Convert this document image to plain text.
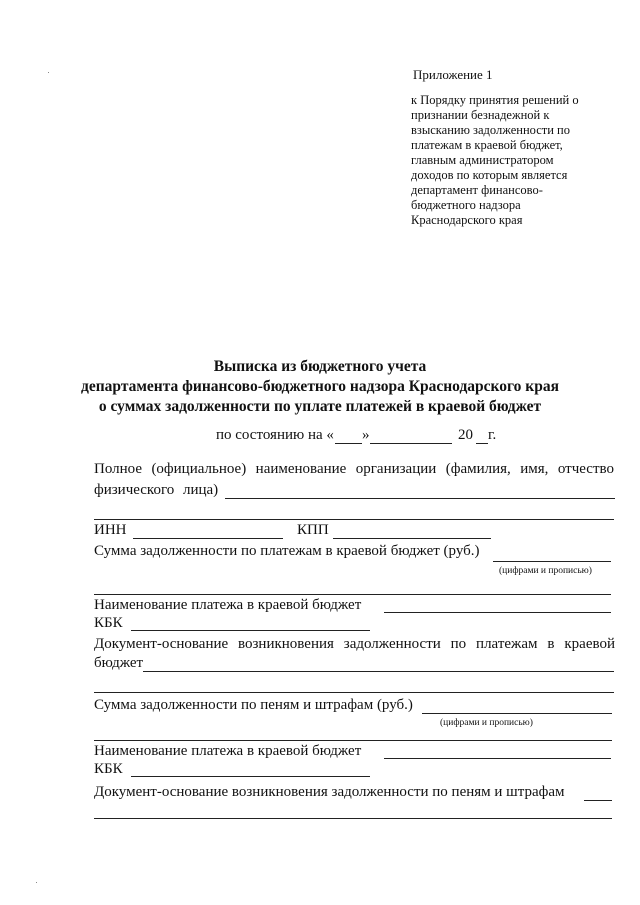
Приложение 1
к Порядку принятия решений о
признании безнадежной к
взысканию задолженности по
платежам в краевой бюджет,
главным администратором
доходов по которым является
департамент финансово-
бюджетного надзора
Краснодарского края
Выписка из бюджетного учета
департамента финансово-бюджетного надзора Краснодарского края
о суммах задолженности по уплате платежей в краевой бюджет
по состоянию на « »	20 г.
Полное (официальное) наименование организации (фамилия, имя, отчество
физического лица)
ИНН	КПП
Сумма задолженности по платежам в краевой бюджет (руб.)
(цифрами и прописью)
Наименование платежа в краевой бюджет
КБК
Документ-основание возникновения задолженности по платежам в краевой
бюджет
Сумма задолженности по пеням и штрафам (руб.)
(цифрами и прописью)
Наименование платежа в краевой бюджет
КБК
Документ-основание возникновения задолженности по пеням и штрафам
